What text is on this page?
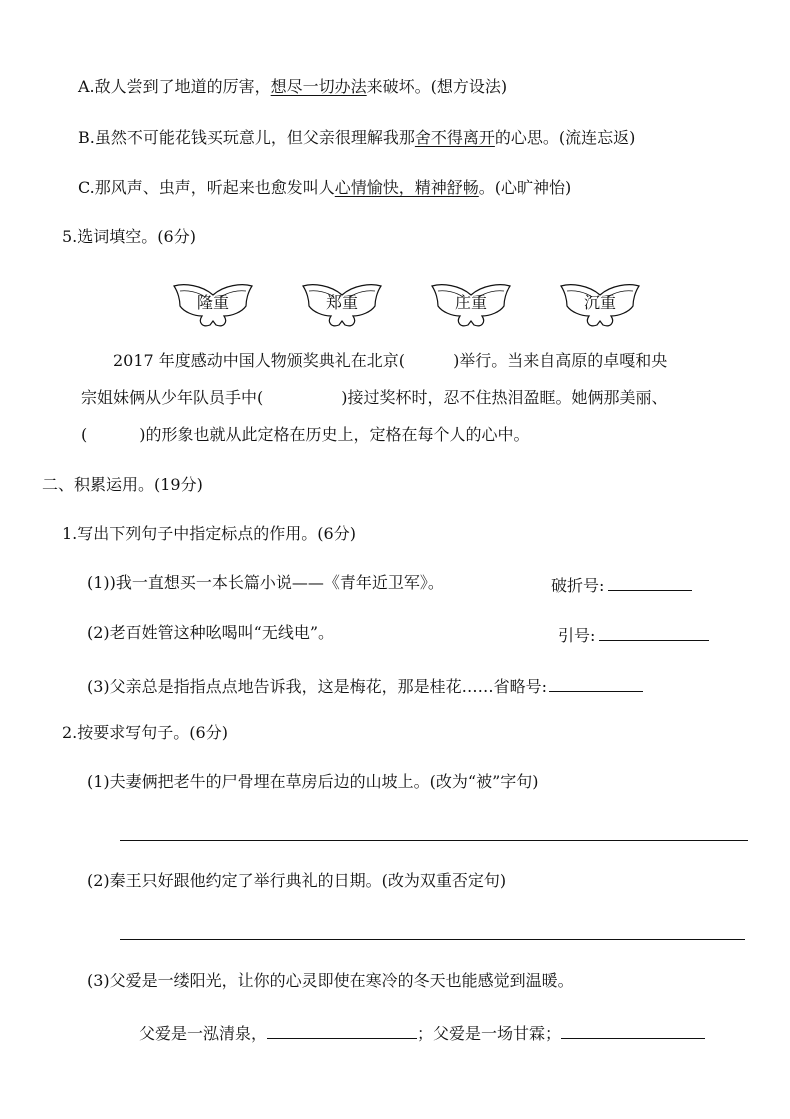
A.敌人尝到了地道的厉害，想尽一切办法来破坏。(想方设法)
B.虽然不可能花钱买玩意儿，但父亲很理解我那舍不得离开的心思。(流连忘返)
C.那风声、虫声，听起来也愈发叫人心情愉快，精神舒畅。(心旷神怡)
5.选词填空。(6分)
隆重	郑重	庄重	沉重
2017 年度感动中国人物颁奖典礼在北京(	)举行。当来自高原的卓嘎和央
宗姐妹俩从少年队员手中(	)接过奖杯时，忍不住热泪盈眶。她俩那美丽、
(	)的形象也就从此定格在历史上，定格在每个人的心中。
二、积累运用。(19分)
1.写出下列句子中指定标点的作用。(6分)
(1))我一直想买一本长篇小说——《青年近卫军》。	破折号:
(2)老百姓管这种吆喝叫“无线电”。	引号:
(3)父亲总是指指点点地告诉我，这是梅花，那是桂花……省略号:
2.按要求写句子。(6分)
(1)夫妻俩把老牛的尸骨埋在草房后边的山坡上。(改为“被”字句)
(2)秦王只好跟他约定了举行典礼的日期。(改为双重否定句)
(3)父爱是一缕阳光，让你的心灵即使在寒冷的冬天也能感觉到温暖。
父爱是一泓清泉，	；父爱是一场甘霖；
